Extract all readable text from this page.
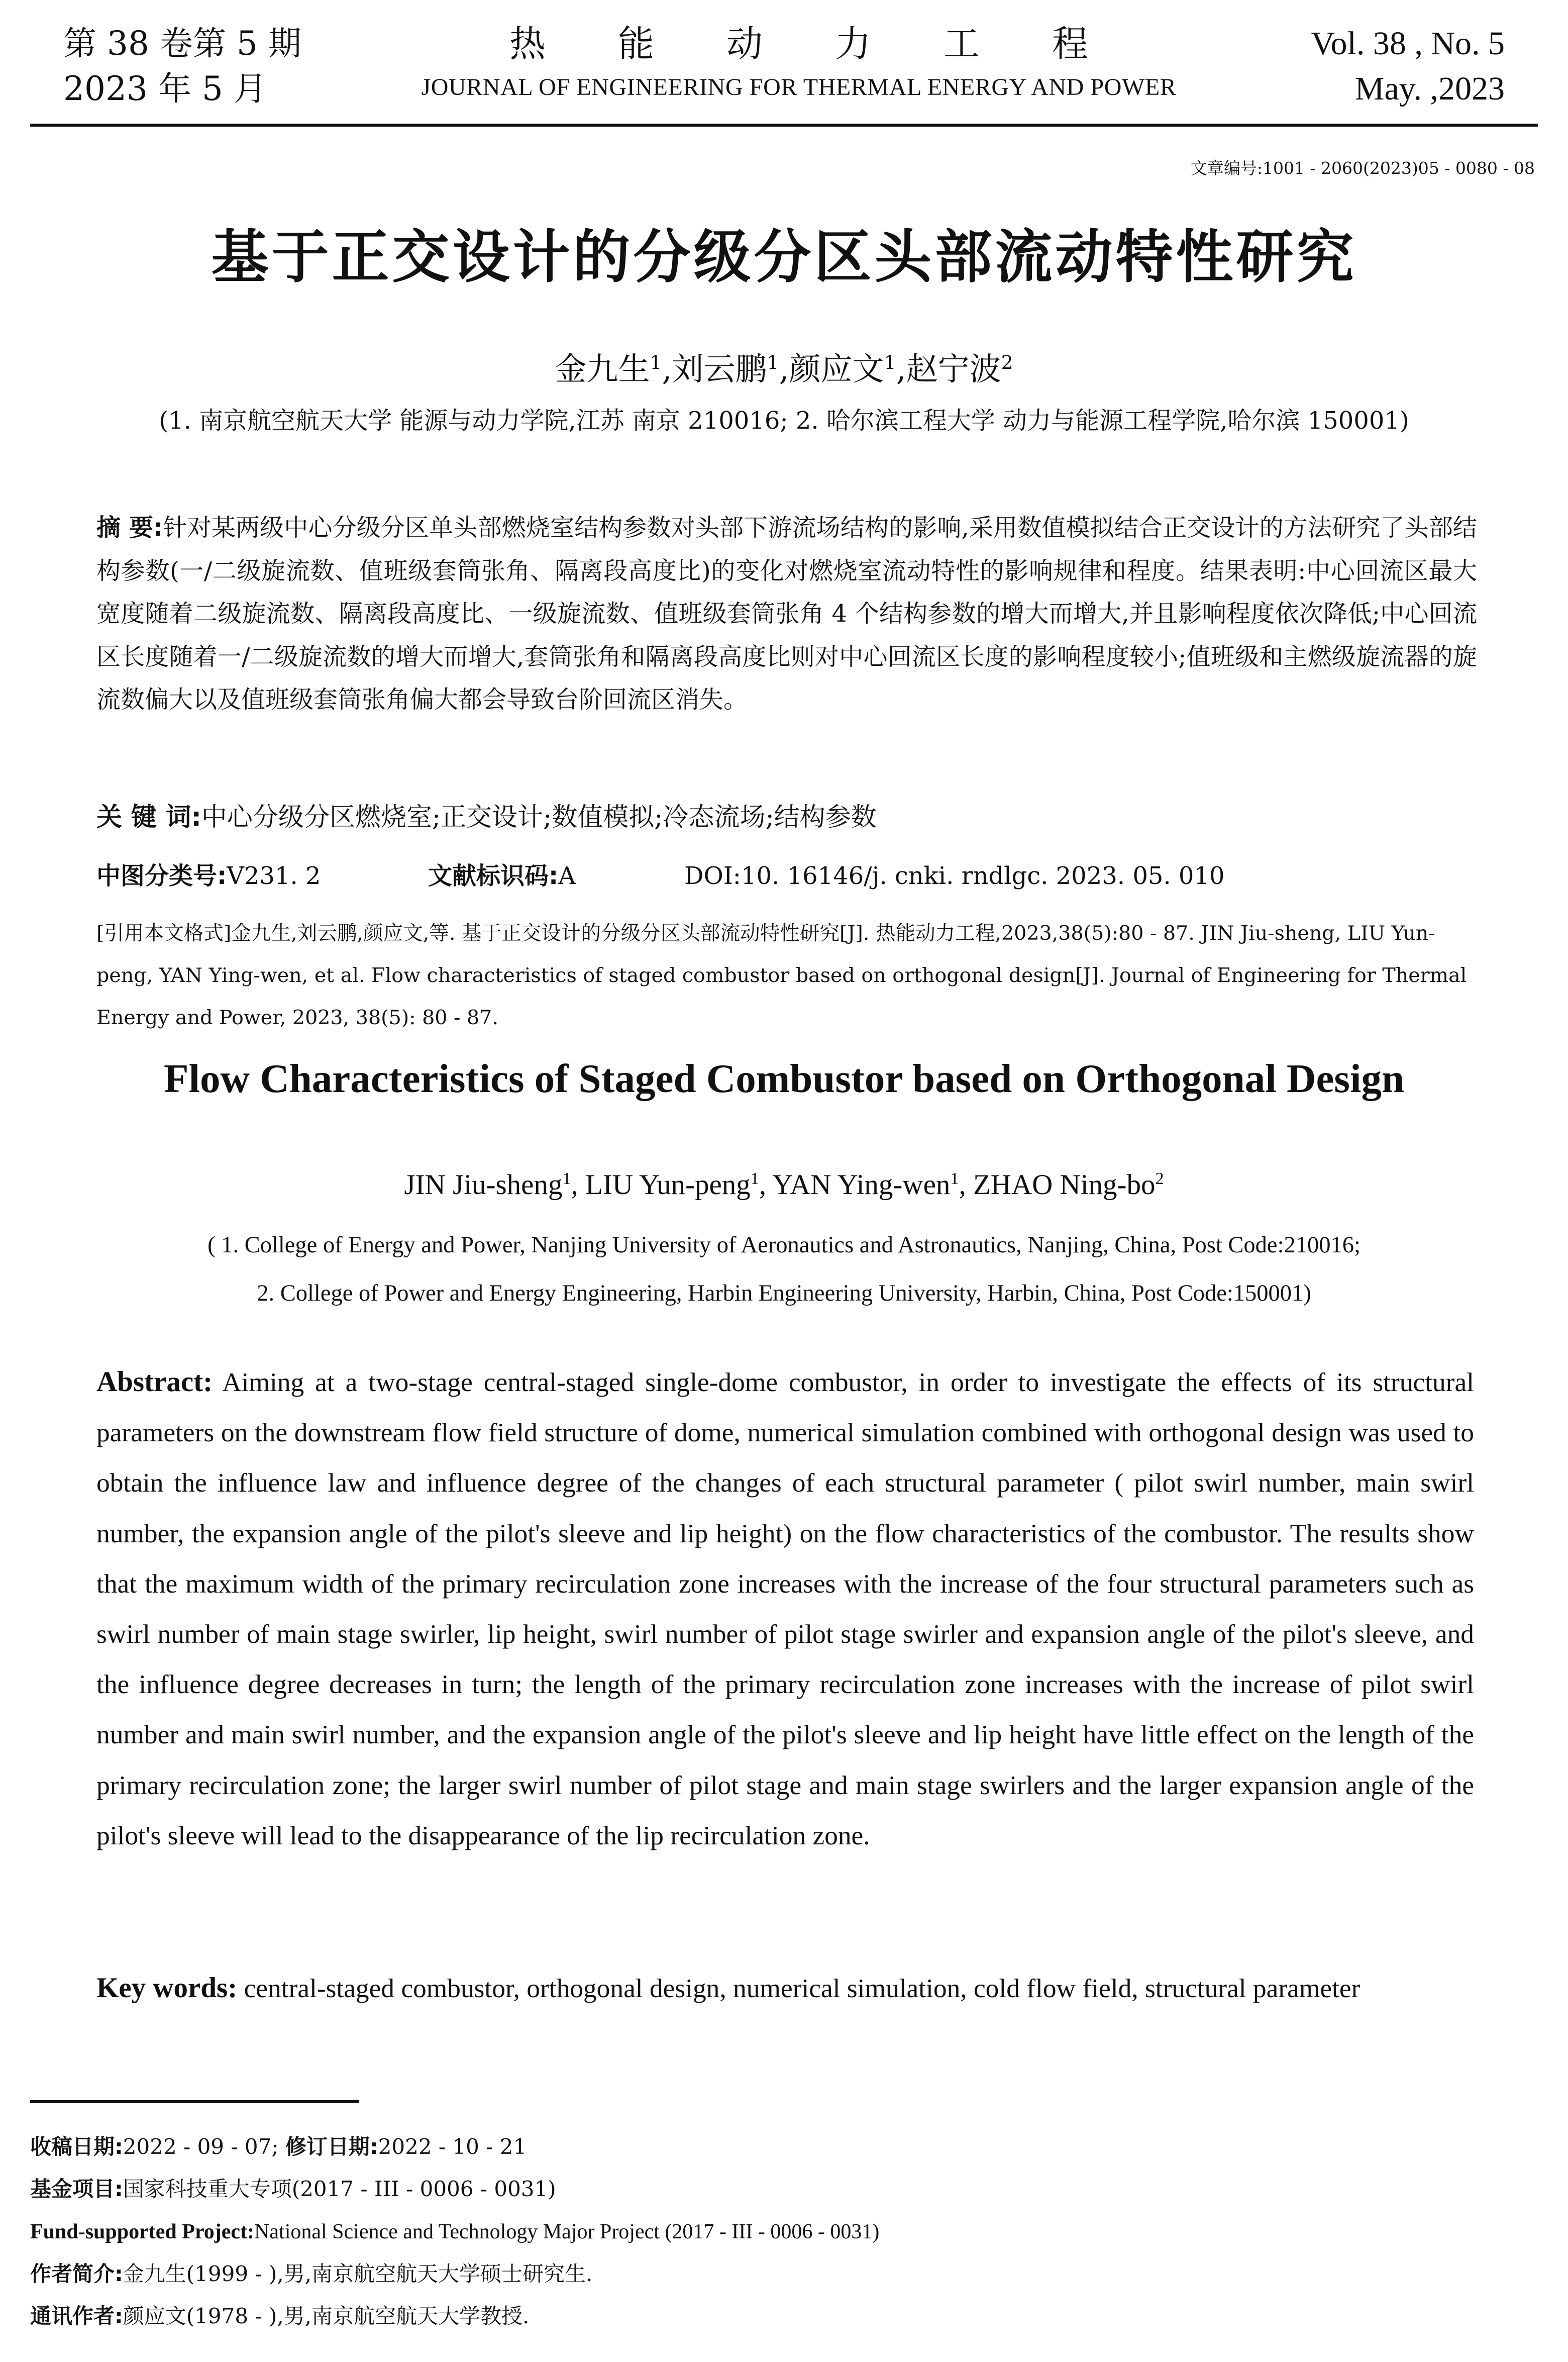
第 38 卷第 5 期
2023 年 5 月
热能动力工程
JOURNAL OF ENGINEERING FOR THERMAL ENERGY AND POWER
Vol. 38 , No. 5
May. ,2023
文章编号:1001 - 2060(2023)05 - 0080 - 08
基于正交设计的分级分区头部流动特性研究
金九生$^1$,刘云鹏$^1$,颜应文$^1$,赵宁波$^2$
(1. 南京航空航天大学 能源与动力学院,江苏 南京 210016; 2. 哈尔滨工程大学 动力与能源工程学院,哈尔滨 150001)
摘 要:针对某两级中心分级分区单头部燃烧室结构参数对头部下游流场结构的影响,采用数值模拟结合正交设计的方法研究了头部结构参数(一/二级旋流数、值班级套筒张角、隔离段高度比)的变化对燃烧室流动特性的影响规律和程度。结果表明:中心回流区最大宽度随着二级旋流数、隔离段高度比、一级旋流数、值班级套筒张角 4 个结构参数的增大而增大,并且影响程度依次降低;中心回流区长度随着一/二级旋流数的增大而增大,套筒张角和隔离段高度比则对中心回流区长度的影响程度较小;值班级和主燃级旋流器的旋流数偏大以及值班级套筒张角偏大都会导致台阶回流区消失。
关 键 词:中心分级分区燃烧室;正交设计;数值模拟;冷态流场;结构参数
中图分类号:V231. 2	文献标识码:A	DOI:10. 16146/j. cnki. rndlgc. 2023. 05. 010
[引用本文格式]金九生,刘云鹏,颜应文,等. 基于正交设计的分级分区头部流动特性研究[J]. 热能动力工程,2023,38(5):80 - 87. JIN Jiu-sheng, LIU Yun-peng, YAN Ying-wen, et al. Flow characteristics of staged combustor based on orthogonal design[J]. Journal of Engineering for Thermal Energy and Power, 2023, 38(5): 80 - 87.
Flow Characteristics of Staged Combustor based on Orthogonal Design
JIN Jiu-sheng$^1$, LIU Yun-peng$^1$, YAN Ying-wen$^1$, ZHAO Ning-$bo^2$
( 1. College of Energy and Power, Nanjing University of Aeronautics and Astronautics, Nanjing, China, Post Code:210016;
2. College of Power and Energy Engineering, Harbin Engineering University, Harbin, China, Post Code:150001)
Abstract: Aiming at a two-stage central-staged single-dome combustor, in order to investigate the effects of its structural parameters on the downstream flow field structure of dome, numerical simulation combined with orthogonal design was used to obtain the influence law and influence degree of the changes of each structural parameter ( pilot swirl number, main swirl number, the expansion angle of the pilot's sleeve and lip height) on the flow characteristics of the combustor. The results show that the maximum width of the primary recirculation zone increases with the increase of the four structural parameters such as swirl number of main stage swirler, lip height, swirl number of pilot stage swirler and expansion angle of the pilot's sleeve, and the influence degree decreases in turn; the length of the primary recirculation zone increases with the increase of pilot swirl number and main swirl number, and the expansion angle of the pilot's sleeve and lip height have little effect on the length of the primary recirculation zone; the larger swirl number of pilot stage and main stage swirlers and the larger expansion angle of the pilot's sleeve will lead to the disappearance of the lip recirculation zone.
Key words: central-staged combustor, orthogonal design, numerical simulation, cold flow field, structural parameter
收稿日期:2022 - 09 - 07; 修订日期:2022 - 10 - 21
基金项目:国家科技重大专项(2017 - III - 0006 - 0031)
Fund-supported Project:National Science and Technology Major Project (2017 - III - 0006 - 0031)
作者简介:金九生(1999 - ),男,南京航空航天大学硕士研究生.
通讯作者:颜应文(1978 - ),男,南京航空航天大学教授.
